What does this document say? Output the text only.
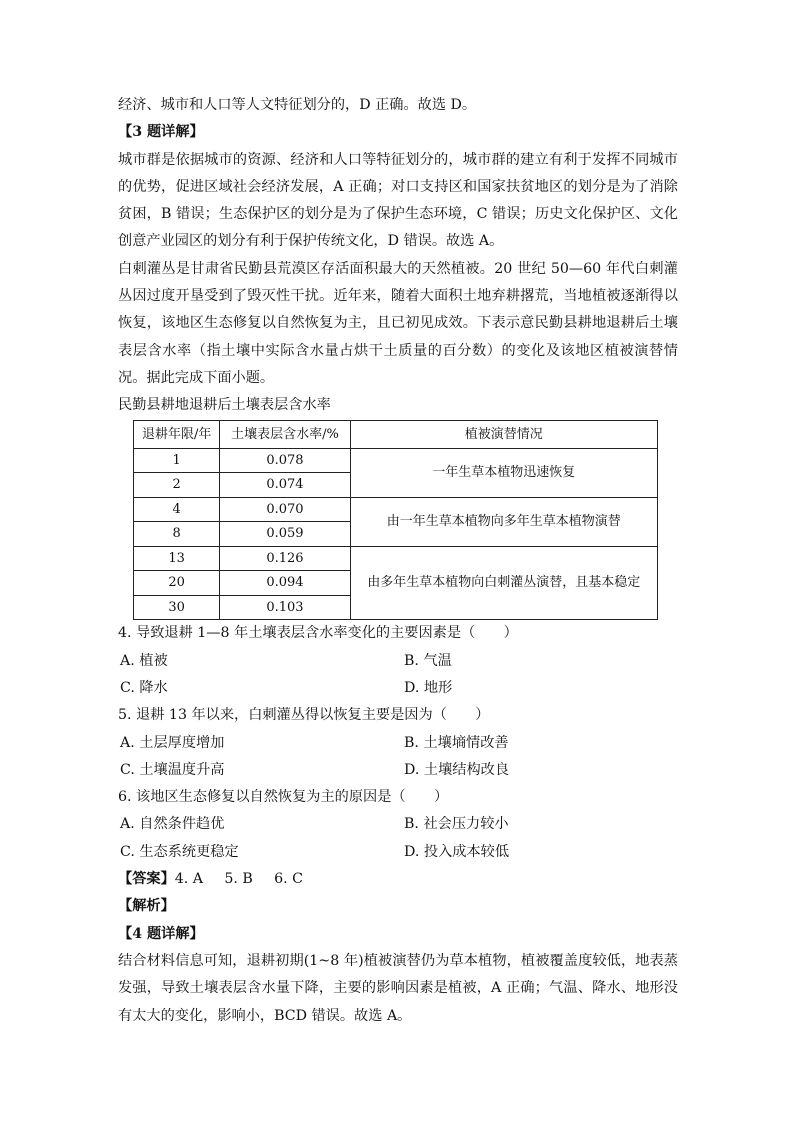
经济、城市和人口等人文特征划分的，D 正确。故选 D。

【3 题详解】

城市群是依据城市的资源、经济和人口等特征划分的，城市群的建立有利于发挥不同城市的优势，促进区域社会经济发展，A 正确；对口支持区和国家扶贫地区的划分是为了消除贫困，B 错误；生态保护区的划分是为了保护生态环境，C 错误；历史文化保护区、文化创意产业园区的划分有利于保护传统文化，D 错误。故选 A。

白刺灌丛是甘肃省民勤县荒漠区存活面积最大的天然植被。20 世纪 50—60 年代白刺灌丛因过度开垦受到了毁灭性干扰。近年来，随着大面积土地弃耕撂荒，当地植被逐渐得以恢复，该地区生态修复以自然恢复为主，且已初见成效。下表示意民勤县耕地退耕后土壤表层含水率（指土壤中实际含水量占烘干土质量的百分数）的变化及该地区植被演替情况。据此完成下面小题。

民勤县耕地退耕后土壤表层含水率

退耕年限/年	土壤表层含水率/%	植被演替情况
1	0.078	一年生草本植物迅速恢复
2	0.074	
4	0.070	由一年生草本植物向多年生草本植物演替
8	0.059	
13	0.126	由多年生草本植物向白刺灌丛演替，且基本稳定
20	0.094	
30	0.103	

4. 导致退耕 1—8 年土壤表层含水率变化的主要因素是（　　）

A. 植被	B. 气温
C. 降水	D. 地形

5. 退耕 13 年以来，白刺灌丛得以恢复主要是因为（　　）

A. 土层厚度增加	B. 土壤墒情改善
C. 土壤温度升高	D. 土壤结构改良

6. 该地区生态修复以自然恢复为主的原因是（　　）

A. 自然条件趋优	B. 社会压力较小
C. 生态系统更稳定	D. 投入成本较低

【答案】4. A   5. B   6. C

【解析】

【4 题详解】

结合材料信息可知，退耕初期(1~8 年)植被演替仍为草本植物，植被覆盖度较低，地表蒸发强，导致土壤表层含水量下降，主要的影响因素是植被，A 正确；气温、降水、地形没有太大的变化，影响小，BCD 错误。故选 A。
